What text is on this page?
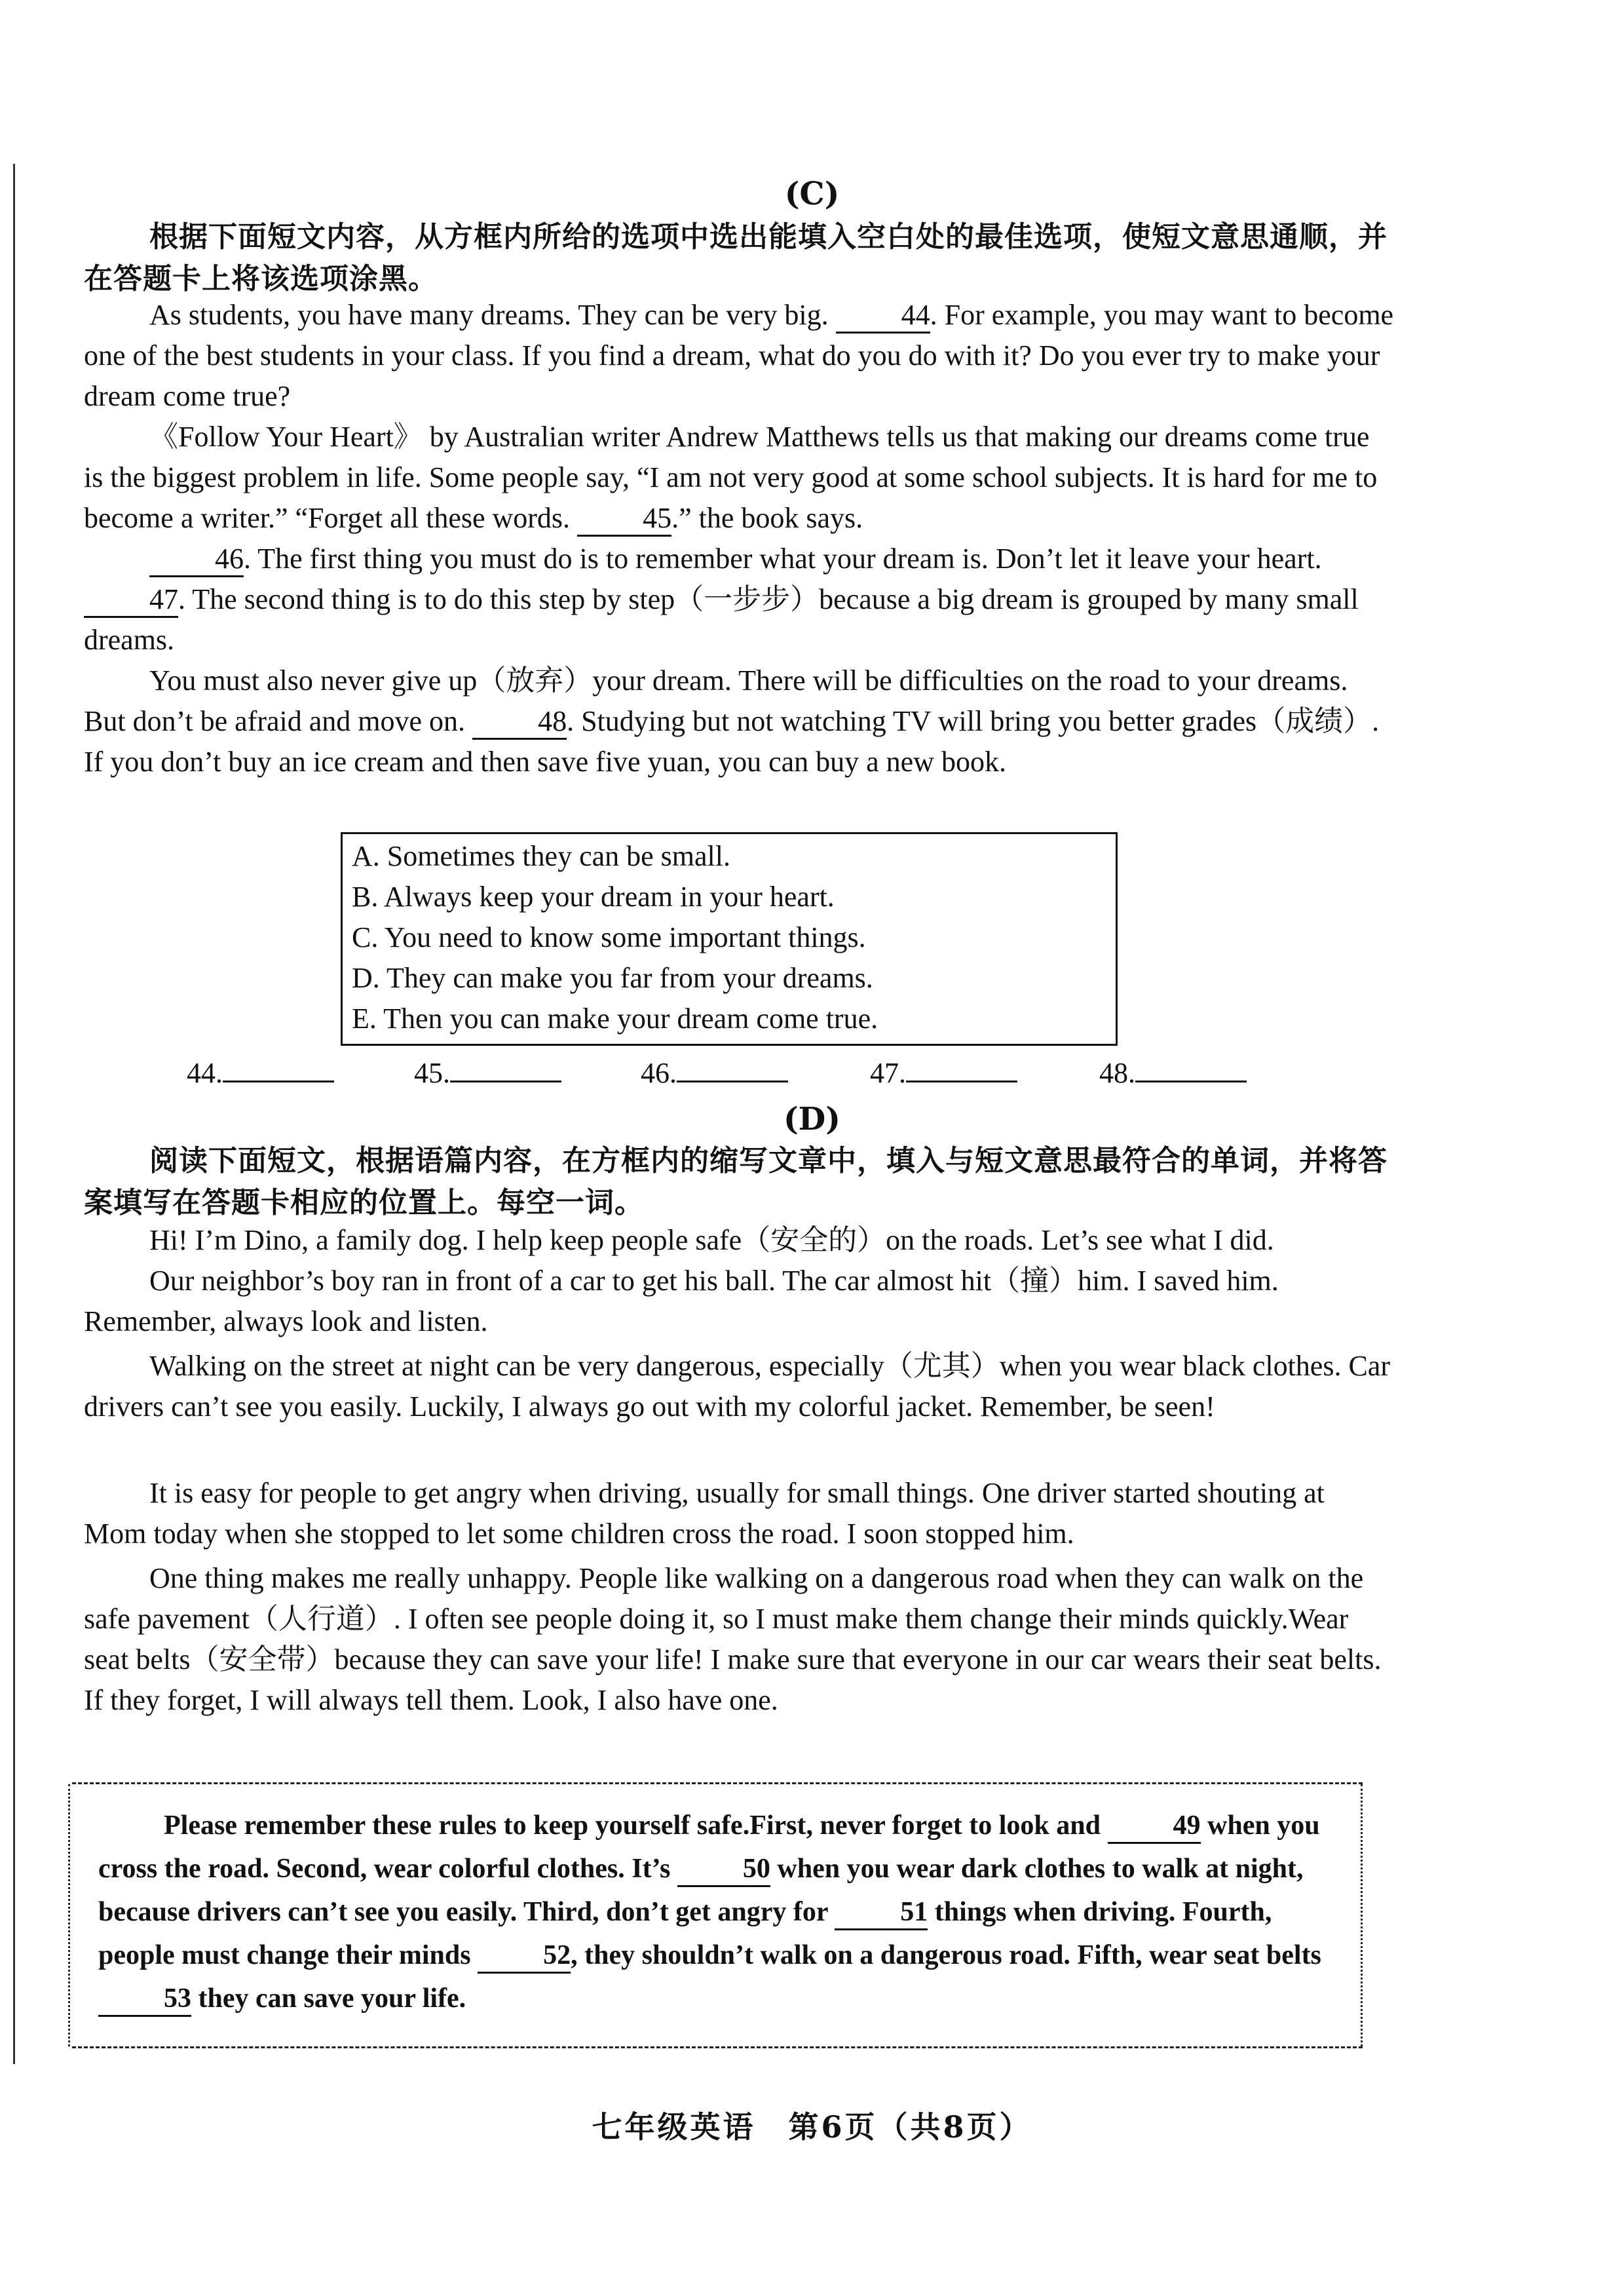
(C)
根据下面短文内容，从方框内所给的选项中选出能填入空白处的最佳选项，使短文意思通顺，并在答题卡上将该选项涂黑。
As students, you have many dreams. They can be very big. 44. For example, you may want to become one of the best students in your class. If you find a dream, what do you do with it? Do you ever try to make your dream come true?
《Follow Your Heart》 by Australian writer Andrew Matthews tells us that making our dreams come true is the biggest problem in life. Some people say, “I am not very good at some school subjects. It is hard for me to become a writer.” “Forget all these words. 45.” the book says.
46. The first thing you must do is to remember what your dream is. Don’t let it leave your heart. 47. The second thing is to do this step by step（一步步）because a big dream is grouped by many small dreams.
You must also never give up（放弃）your dream. There will be difficulties on the road to your dreams. But don’t be afraid and move on. 48. Studying but not watching TV will bring you better grades（成绩）. If you don’t buy an ice cream and then save five yuan, you can buy a new book.
A. Sometimes they can be small.
B. Always keep your dream in your heart.
C. You need to know some important things.
D. They can make you far from your dreams.
E. Then you can make your dream come true.
44.	45.	46.	47.	48.
(D)
阅读下面短文，根据语篇内容，在方框内的缩写文章中，填入与短文意思最符合的单词，并将答案填写在答题卡相应的位置上。每空一词。
Hi! I’m Dino, a family dog. I help keep people safe（安全的）on the roads. Let’s see what I did.
Our neighbor’s boy ran in front of a car to get his ball. The car almost hit（撞）him. I saved him. Remember, always look and listen.
Walking on the street at night can be very dangerous, especially（尤其）when you wear black clothes. Car drivers can’t see you easily. Luckily, I always go out with my colorful jacket. Remember, be seen!
It is easy for people to get angry when driving, usually for small things. One driver started shouting at Mom today when she stopped to let some children cross the road. I soon stopped him.
One thing makes me really unhappy. People like walking on a dangerous road when they can walk on the safe pavement（人行道）. I often see people doing it, so I must make them change their minds quickly.Wear seat belts（安全带）because they can save your life! I make sure that everyone in our car wears their seat belts. If they forget, I will always tell them. Look, I also have one.
Please remember these rules to keep yourself safe.First, never forget to look and 49 when you cross the road. Second, wear colorful clothes. It’s 50 when you wear dark clothes to walk at night, because drivers can’t see you easily. Third, don’t get angry for 51 things when driving. Fourth, people must change their minds 52, they shouldn’t walk on a dangerous road. Fifth, wear seat belts 53 they can save your life.
七年级英语　第6页（共8页）
